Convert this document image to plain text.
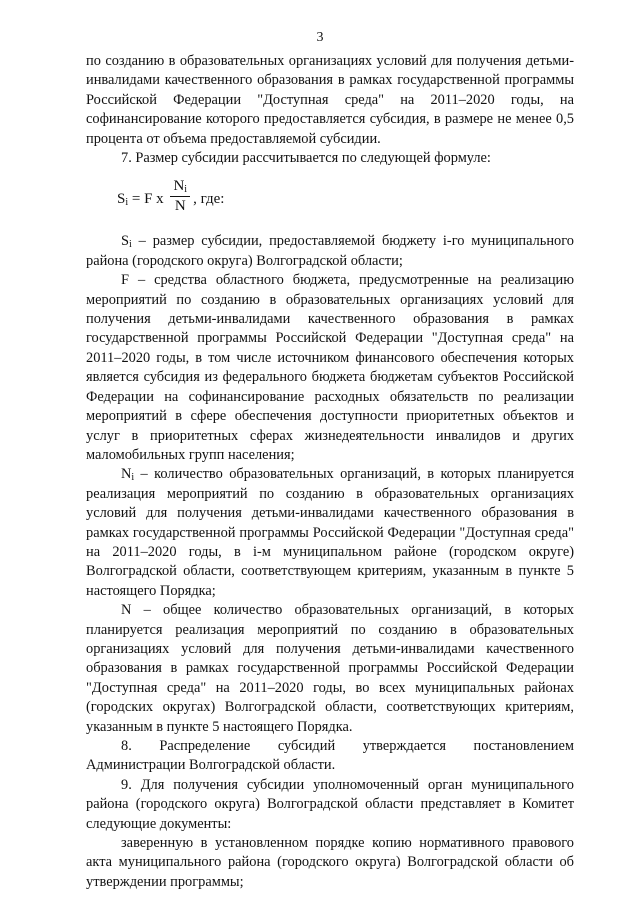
3

по созданию в образовательных организациях условий для получения детьми-инвалидами качественного образования в рамках государственной программы Российской Федерации "Доступная среда" на 2011–2020 годы, на софинансирование которого предоставляется субсидия, в размере не менее 0,5 процента от объема предоставляемой субсидии.

7. Размер субсидии рассчитывается по следующей формуле:

$S_i = F$ x $\frac{N_i}{N}$ , где:

$S_i$ – размер субсидии, предоставляемой бюджету i-го муниципального района (городского округа) Волгоградской области;

F – средства областного бюджета, предусмотренные на реализацию мероприятий по созданию в образовательных организациях условий для получения детьми-инвалидами качественного образования в рамках государственной программы Российской Федерации "Доступная среда" на 2011–2020 годы, в том числе источником финансового обеспечения которых является субсидия из федерального бюджета бюджетам субъектов Российской Федерации на софинансирование расходных обязательств по реализации мероприятий в сфере обеспечения доступности приоритетных объектов и услуг в приоритетных сферах жизнедеятельности инвалидов и других маломобильных групп населения;

$N_i$ – количество образовательных организаций, в которых планируется реализация мероприятий по созданию в образовательных организациях условий для получения детьми-инвалидами качественного образования в рамках государственной программы Российской Федерации "Доступная среда" на 2011–2020 годы, в i-м муниципальном районе (городском округе) Волгоградской области, соответствующем критериям, указанным в пункте 5 настоящего Порядка;

N – общее количество образовательных организаций, в которых планируется реализация мероприятий по созданию в образовательных организациях условий для получения детьми-инвалидами качественного образования в рамках государственной программы Российской Федерации "Доступная среда" на 2011–2020 годы, во всех муниципальных районах (городских округах) Волгоградской области, соответствующих критериям, указанным в пункте 5 настоящего Порядка.

8. Распределение субсидий утверждается постановлением Администрации Волгоградской области.

9. Для получения субсидии уполномоченный орган муниципального района (городского округа) Волгоградской области представляет в Комитет следующие документы:

заверенную в установленном порядке копию нормативного правового акта муниципального района (городского округа) Волгоградской области об утверждении программы;
